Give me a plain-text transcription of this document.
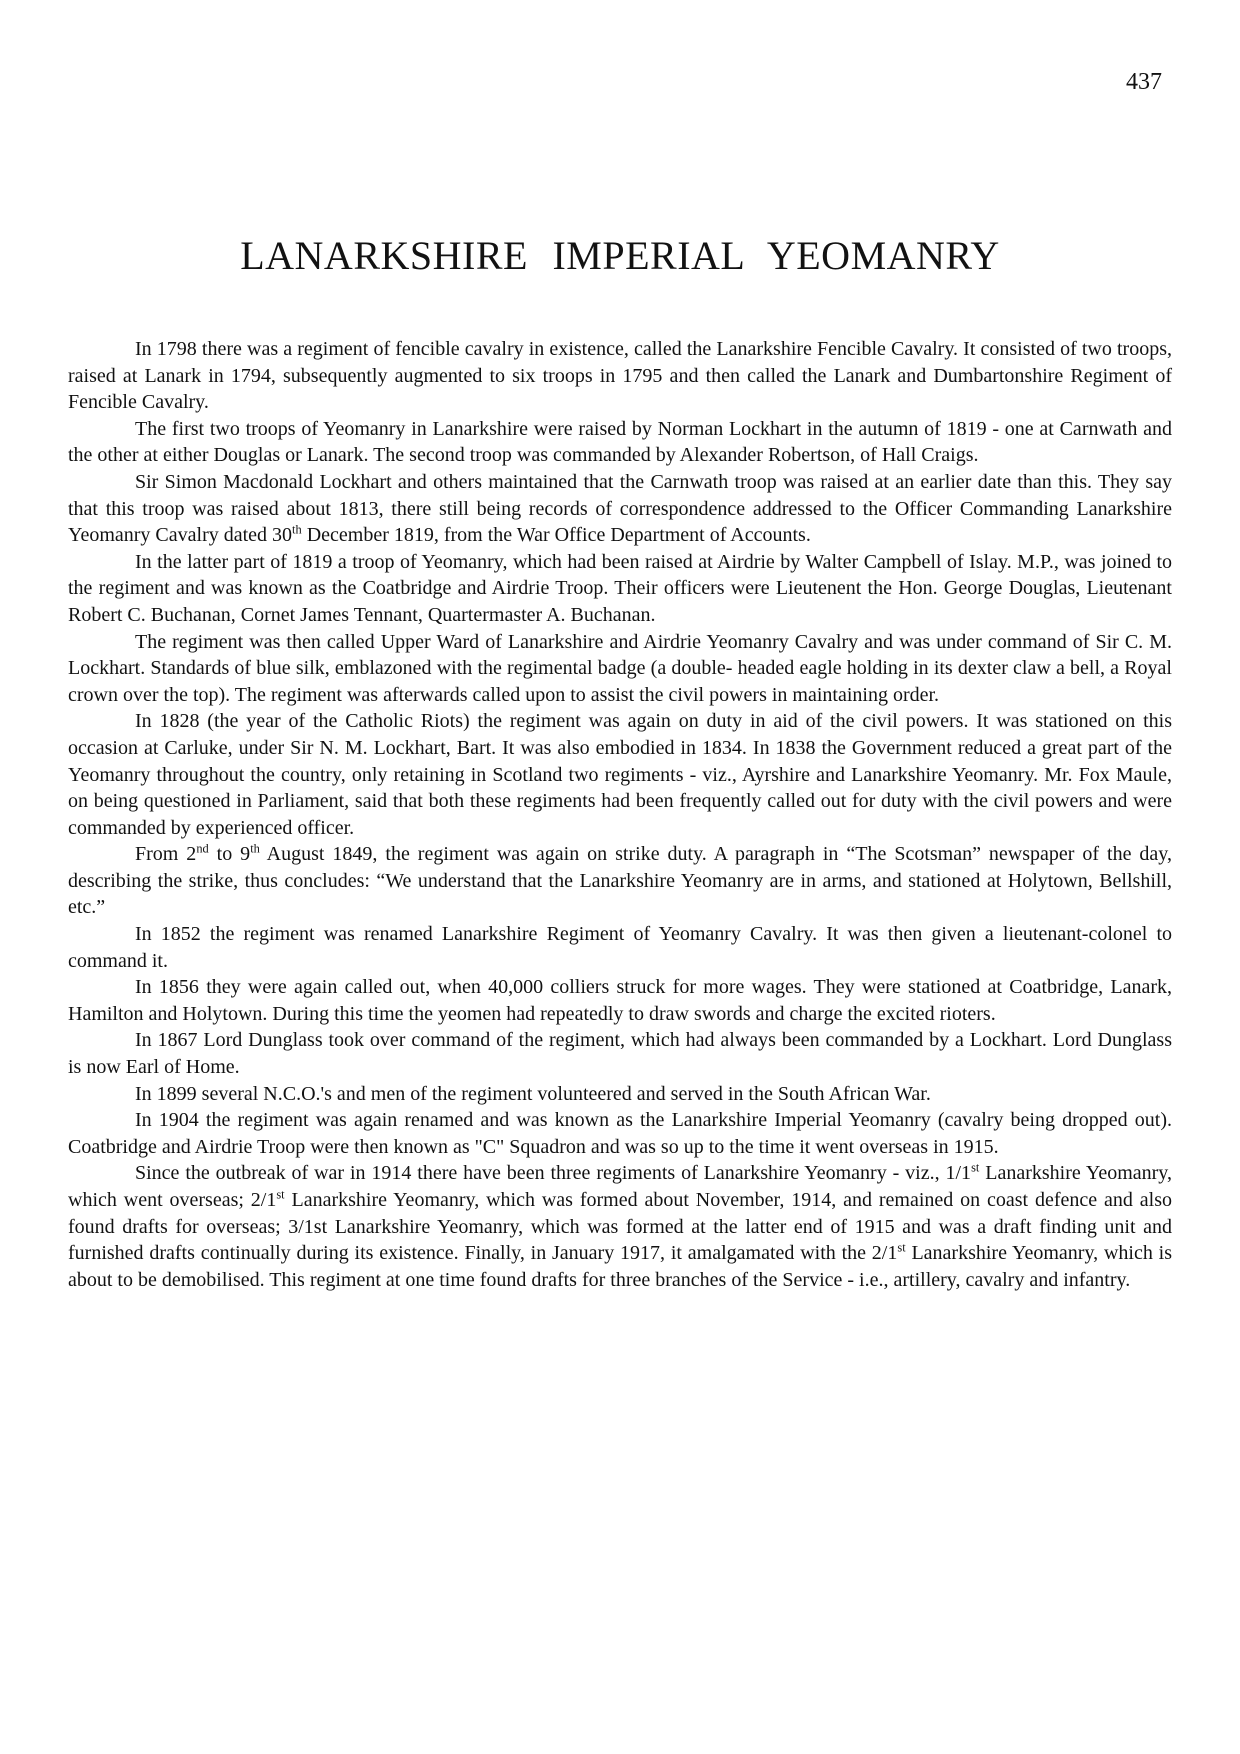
437
LANARKSHIRE IMPERIAL YEOMANRY

In 1798 there was a regiment of fencible cavalry in existence, called the Lanarkshire Fencible Cavalry. It consisted of two troops, raised at Lanark in 1794, subsequently augmented to six troops in 1795 and then called the Lanark and Dumbartonshire Regiment of Fencible Cavalry.

The first two troops of Yeomanry in Lanarkshire were raised by Norman Lockhart in the autumn of 1819 - one at Carnwath and the other at either Douglas or Lanark. The second troop was commanded by Alexander Robertson, of Hall Craigs.

Sir Simon Macdonald Lockhart and others maintained that the Carnwath troop was raised at an earlier date than this. They say that this troop was raised about 1813, there still being records of correspondence addressed to the Officer Commanding Lanarkshire Yeomanry Cavalry dated 30th December 1819, from the War Office Department of Accounts.

In the latter part of 1819 a troop of Yeomanry, which had been raised at Airdrie by Walter Campbell of Islay. M.P., was joined to the regiment and was known as the Coatbridge and Airdrie Troop. Their officers were Lieutenent the Hon. George Douglas, Lieutenant Robert C. Buchanan, Cornet James Tennant, Quartermaster A. Buchanan.

The regiment was then called Upper Ward of Lanarkshire and Airdrie Yeomanry Cavalry and was under command of Sir C. M. Lockhart. Standards of blue silk, emblazoned with the regimental badge (a double- headed eagle holding in its dexter claw a bell, a Royal crown over the top). The regiment was afterwards called upon to assist the civil powers in maintaining order.

In 1828 (the year of the Catholic Riots) the regiment was again on duty in aid of the civil powers. It was stationed on this occasion at Carluke, under Sir N. M. Lockhart, Bart. It was also embodied in 1834. In 1838 the Government reduced a great part of the Yeomanry throughout the country, only retaining in Scotland two regiments - viz., Ayrshire and Lanarkshire Yeomanry. Mr. Fox Maule, on being questioned in Parliament, said that both these regiments had been frequently called out for duty with the civil powers and were commanded by experienced officer.

From 2nd to 9th August 1849, the regiment was again on strike duty. A paragraph in “The Scotsman” newspaper of the day, describing the strike, thus concludes: “We understand that the Lanarkshire Yeomanry are in arms, and stationed at Holytown, Bellshill, etc.”

In 1852 the regiment was renamed Lanarkshire Regiment of Yeomanry Cavalry. It was then given a lieutenant-colonel to command it.

In 1856 they were again called out, when 40,000 colliers struck for more wages. They were stationed at Coatbridge, Lanark, Hamilton and Holytown. During this time the yeomen had repeatedly to draw swords and charge the excited rioters.

In 1867 Lord Dunglass took over command of the regiment, which had always been commanded by a Lockhart. Lord Dunglass is now Earl of Home.

In 1899 several N.C.O.'s and men of the regiment volunteered and served in the South African War.

In 1904 the regiment was again renamed and was known as the Lanarkshire Imperial Yeomanry (cavalry being dropped out). Coatbridge and Airdrie Troop were then known as "C" Squadron and was so up to the time it went overseas in 1915.

Since the outbreak of war in 1914 there have been three regiments of Lanarkshire Yeomanry - viz., 1/1st Lanarkshire Yeomanry, which went overseas; 2/1st Lanarkshire Yeomanry, which was formed about November, 1914, and remained on coast defence and also found drafts for overseas; 3/1st Lanarkshire Yeomanry, which was formed at the latter end of 1915 and was a draft finding unit and furnished drafts continually during its existence. Finally, in January 1917, it amalgamated with the 2/1st Lanarkshire Yeomanry, which is about to be demobilised. This regiment at one time found drafts for three branches of the Service - i.e., artillery, cavalry and infantry.
